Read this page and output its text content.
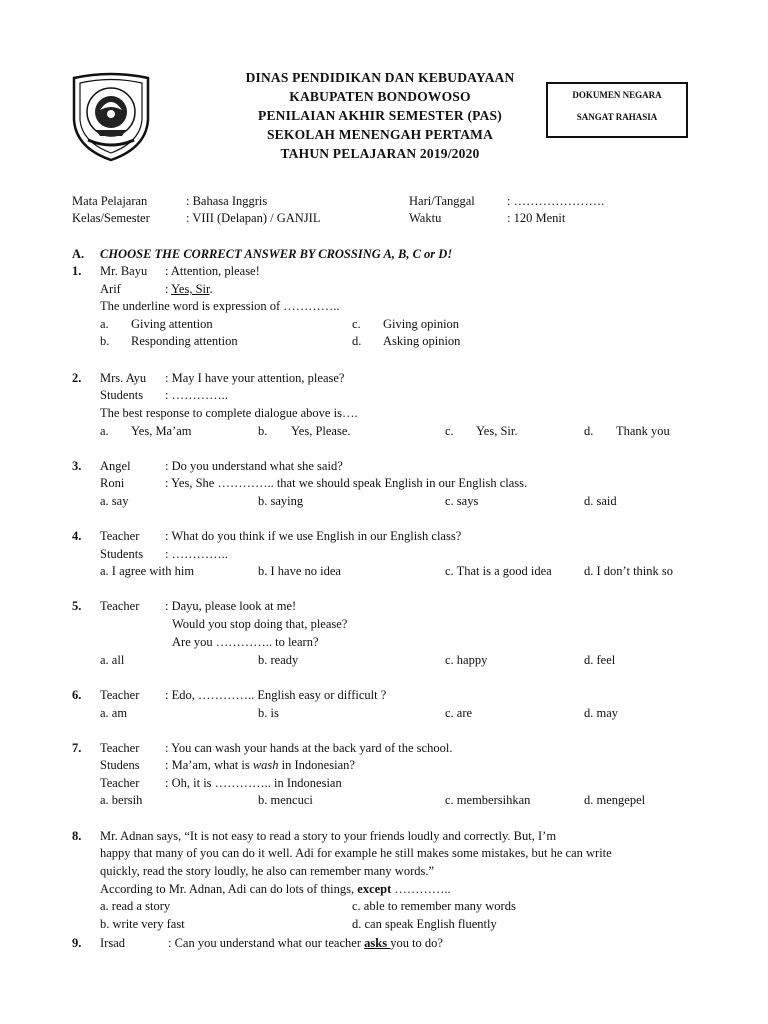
DINAS PENDIDIKAN DAN KEBUDAYAAN
KABUPATEN BONDOWOSO
PENILAIAN AKHIR SEMESTER (PAS)
SEKOLAH MENENGAH PERTAMA
TAHUN PELAJARAN 2019/2020
DOKUMEN NEGARA
SANGAT RAHASIA
Mata Pelajaran	: Bahasa Inggris
Kelas/Semester	: VIII (Delapan) / GANJIL
Hari/Tanggal	: ………………….
Waktu	: 120 Menit
A. CHOOSE THE CORRECT ANSWER BY CROSSING A, B, C or D!
1. Mr. Bayu : Attention, please!
Arif	: Yes, Sir.
The underline word is expression of …………..
a. Giving attention
b. Responding attention
c. Giving opinion
d. Asking opinion
2. Mrs. Ayu : May I have your attention, please?
Students : …………..
The best response to complete dialogue above is….
a. Yes, Ma’am	b. Yes, Please.	c. Yes, Sir.	d. Thank you
3. Angel	: Do you understand what she said?
Roni	: Yes, She ………….. that we should speak English in our English class.
a. say	b. saying	c. says	d. said
4. Teacher : What do you think if we use English in our English class?
Students : …………..
a. I agree with him	b. I have no idea	c. That is a good idea	d. I don’t think so
5. Teacher : Dayu, please look at me!
Would you stop doing that, please?
Are you ………….. to learn?
a. all	b. ready	c. happy	d. feel
6. Teacher : Edo, ………….. English easy or difficult ?
a. am	b. is	c. are	d. may
7. Teacher : You can wash your hands at the back yard of the school.
Studens : Ma’am, what is wash in Indonesian?
Teacher : Oh, it is ………….. in Indonesian
a. bersih	b. mencuci	c. membersihkan	d. mengepel
8. Mr. Adnan says, “It is not easy to read a story to your friends loudly and correctly. But, I’m
happy that many of you can do it well. Adi for example he still makes some mistakes, but he can write
quickly, read the story loudly, he also can remember many words.”
According to Mr. Adnan, Adi can do lots of things, except …………..
a. read a story
b. write very fast
c. able to remember many words
d. can speak English fluently
9. Irsad	: Can you understand what our teacher asks you to do?
